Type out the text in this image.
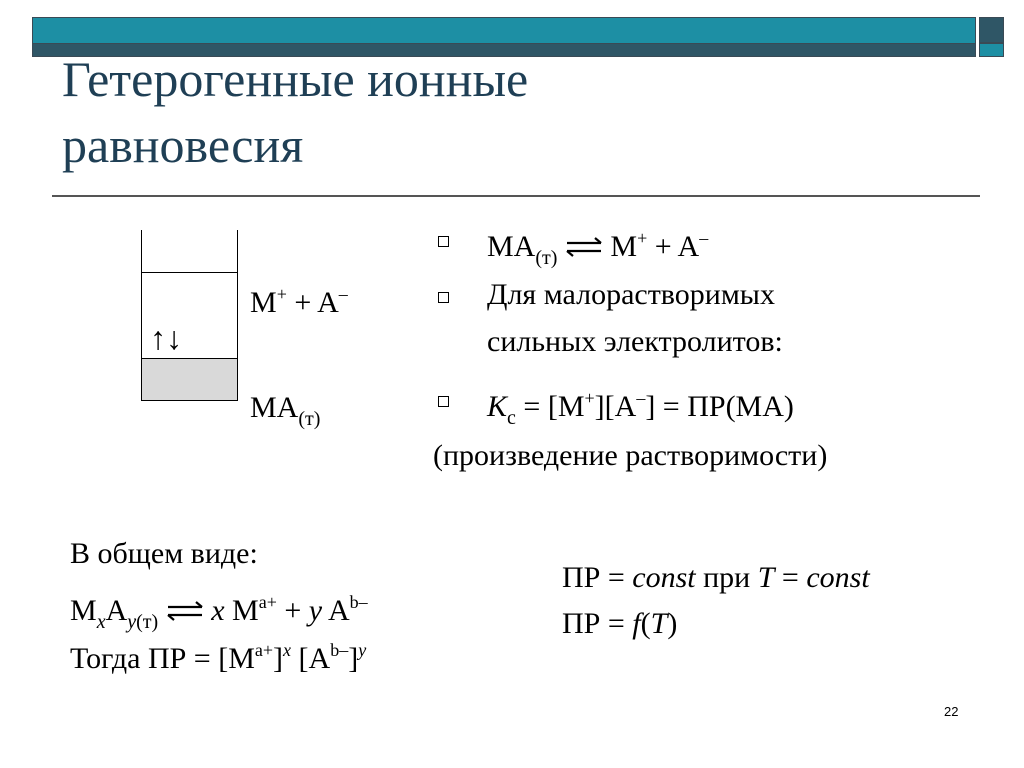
Гетерогенные ионные
равновесия
↑↓
M+ + A–
$MA_{(т)}$
$MA_{(т)}$ ⇌ M+ + A–
Для малорастворимых
сильных электролитов:
$K_c = [M^+][A^-] = ПР(MA)$
(произведение растворимости)
В общем виде:
$M_xA_{y(т)}$ ⇌ x $M^{a+} + y$ $A^{b-}$
Тогда ПР = $[M^{a+}]^x$ $[A^{b-}]^y$
ПР = const при T = const
ПР = f(T)
22
